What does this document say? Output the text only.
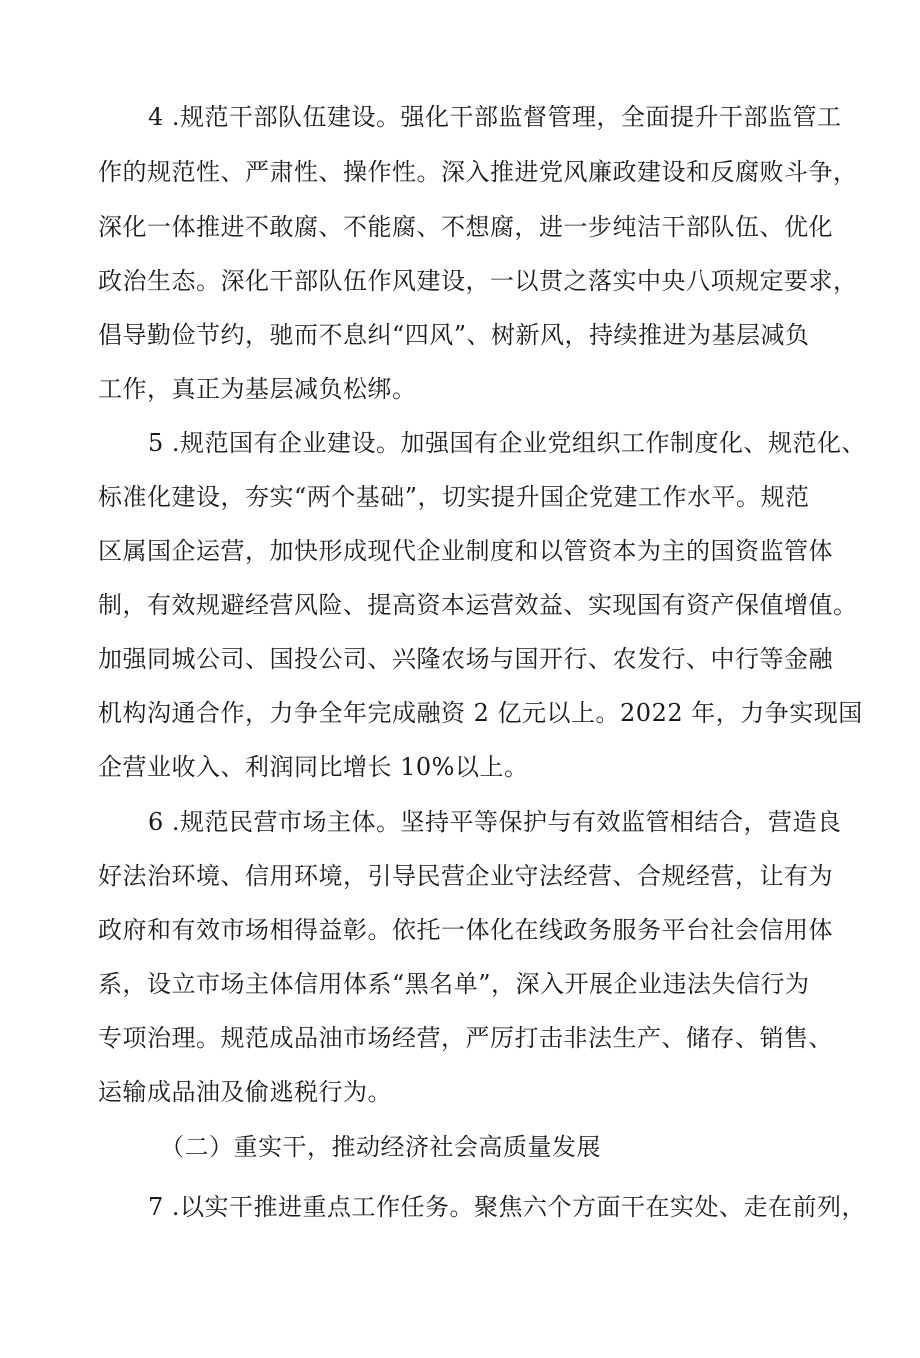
4 .规范干部队伍建设。强化干部监督管理，全面提升干部监管工
作的规范性、严肃性、操作性。深入推进党风廉政建设和反腐败斗争，
深化一体推进不敢腐、不能腐、不想腐，进一步纯洁干部队伍、优化
政治生态。深化干部队伍作风建设，一以贯之落实中央八项规定要求，
倡导勤俭节约，驰而不息纠“四风”、树新风，持续推进为基层减负
工作，真正为基层减负松绑。
5 .规范国有企业建设。加强国有企业党组织工作制度化、规范化、
标准化建设，夯实“两个基础”，切实提升国企党建工作水平。规范
区属国企运营，加快形成现代企业制度和以管资本为主的国资监管体
制，有效规避经营风险、提高资本运营效益、实现国有资产保值增值。
加强同城公司、国投公司、兴隆农场与国开行、农发行、中行等金融
机构沟通合作，力争全年完成融资 2 亿元以上。2022 年，力争实现国
企营业收入、利润同比增长 10%以上。
6 .规范民营市场主体。坚持平等保护与有效监管相结合，营造良
好法治环境、信用环境，引导民营企业守法经营、合规经营，让有为
政府和有效市场相得益彰。依托一体化在线政务服务平台社会信用体
系，设立市场主体信用体系“黑名单”，深入开展企业违法失信行为
专项治理。规范成品油市场经营，严厉打击非法生产、储存、销售、
运输成品油及偷逃税行为。
（二）重实干，推动经济社会高质量发展
7 .以实干推进重点工作任务。聚焦六个方面干在实处、走在前列，
